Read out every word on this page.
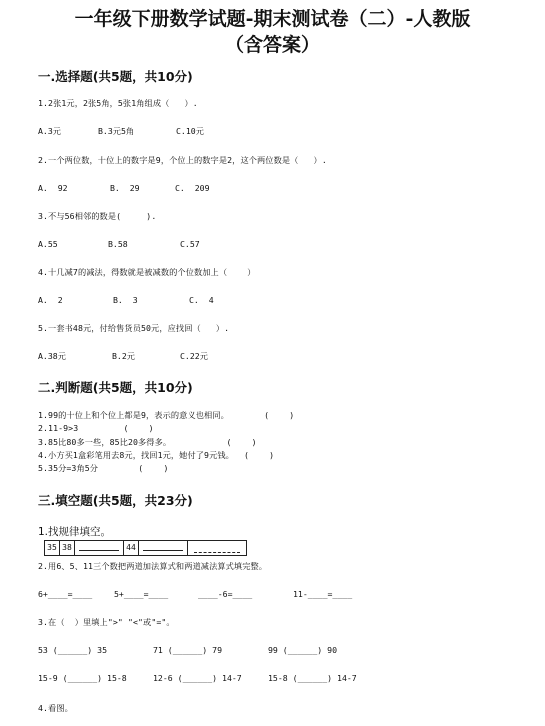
一年级下册数学试题-期末测试卷（二）-人教版
（含答案）
一.选择题(共5题，共10分)
1.2张1元，2张5角，5张1角组成（   ）.
A.3元	B.3元5角	C.10元
2.一个两位数，十位上的数字是9，个位上的数字是2，这个两位数是（   ）.
A.  92	B.  29	C.  209
3.不与56相邻的数是(     ).
A.55	B.58	C.57
4.十几减7的减法，得数就是被减数的个位数加上（    ）
A.  2	B.  3	C.  4
5.一套书48元，付给售货员50元，应找回（   ）.
A.38元	B.2元	C.22元
二.判断题(共5题，共10分)
1.99的十位上和个位上都是9，表示的意义也相同。       (    )
2.11-9>3         (    )
3.85比80多一些，85比20多得多。           (    )
4.小方买1盒彩笔用去8元，找回1元，她付了9元钱。  (    )
5.35分=3角5分        (    )
三.填空题(共5题，共23分)
1.找规律填空。
35 38	44
2.用6、5、11三个数把两道加法算式和两道减法算式填完整。
6+____=____	5+____=____	____-6=____	11-____=____
3.在（  ）里填上">" "<"或"="。
53 (______) 35	71 (______) 79	99 (______) 90
15-9 (______) 15-8	12-6 (______) 14-7	15-8 (______) 14-7
4.看图。
